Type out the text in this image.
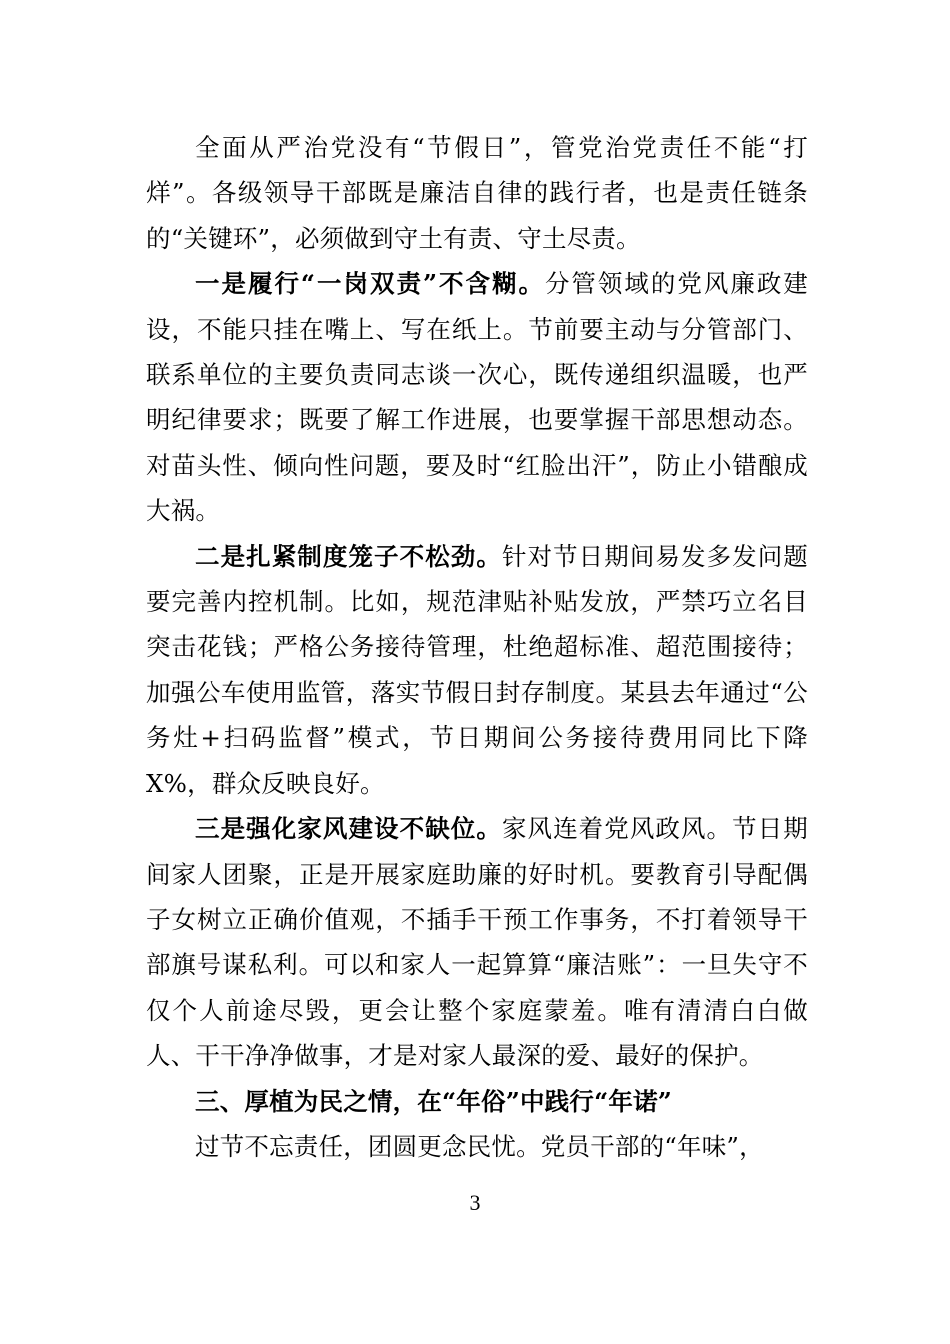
全面从严治党没有“节假日”，管党治党责任不能“打烊”。各级领导干部既是廉洁自律的践行者，也是责任链条的“关键环”，必须做到守土有责、守土尽责。

一是履行“一岗双责”不含糊。分管领域的党风廉政建设，不能只挂在嘴上、写在纸上。节前要主动与分管部门、联系单位的主要负责同志谈一次心，既传递组织温暖，也严明纪律要求；既要了解工作进展，也要掌握干部思想动态。对苗头性、倾向性问题，要及时“红脸出汗”，防止小错酿成大祸。

二是扎紧制度笼子不松劲。针对节日期间易发多发问题要完善内控机制。比如，规范津贴补贴发放，严禁巧立名目突击花钱；严格公务接待管理，杜绝超标准、超范围接待；加强公车使用监管，落实节假日封存制度。某县去年通过“公务灶+扫码监督”模式，节日期间公务接待费用同比下降 X%，群众反映良好。

三是强化家风建设不缺位。家风连着党风政风。节日期间家人团聚，正是开展家庭助廉的好时机。要教育引导配偶子女树立正确价值观，不插手干预工作事务，不打着领导干部旗号谋私利。可以和家人一起算算“廉洁账”：一旦失守不仅个人前途尽毁，更会让整个家庭蒙羞。唯有清清白白做人、干干净净做事，才是对家人最深的爱、最好的保护。

三、厚植为民之情，在“年俗”中践行“年诺”

过节不忘责任，团圆更念民忧。党员干部的“年味”，

3
